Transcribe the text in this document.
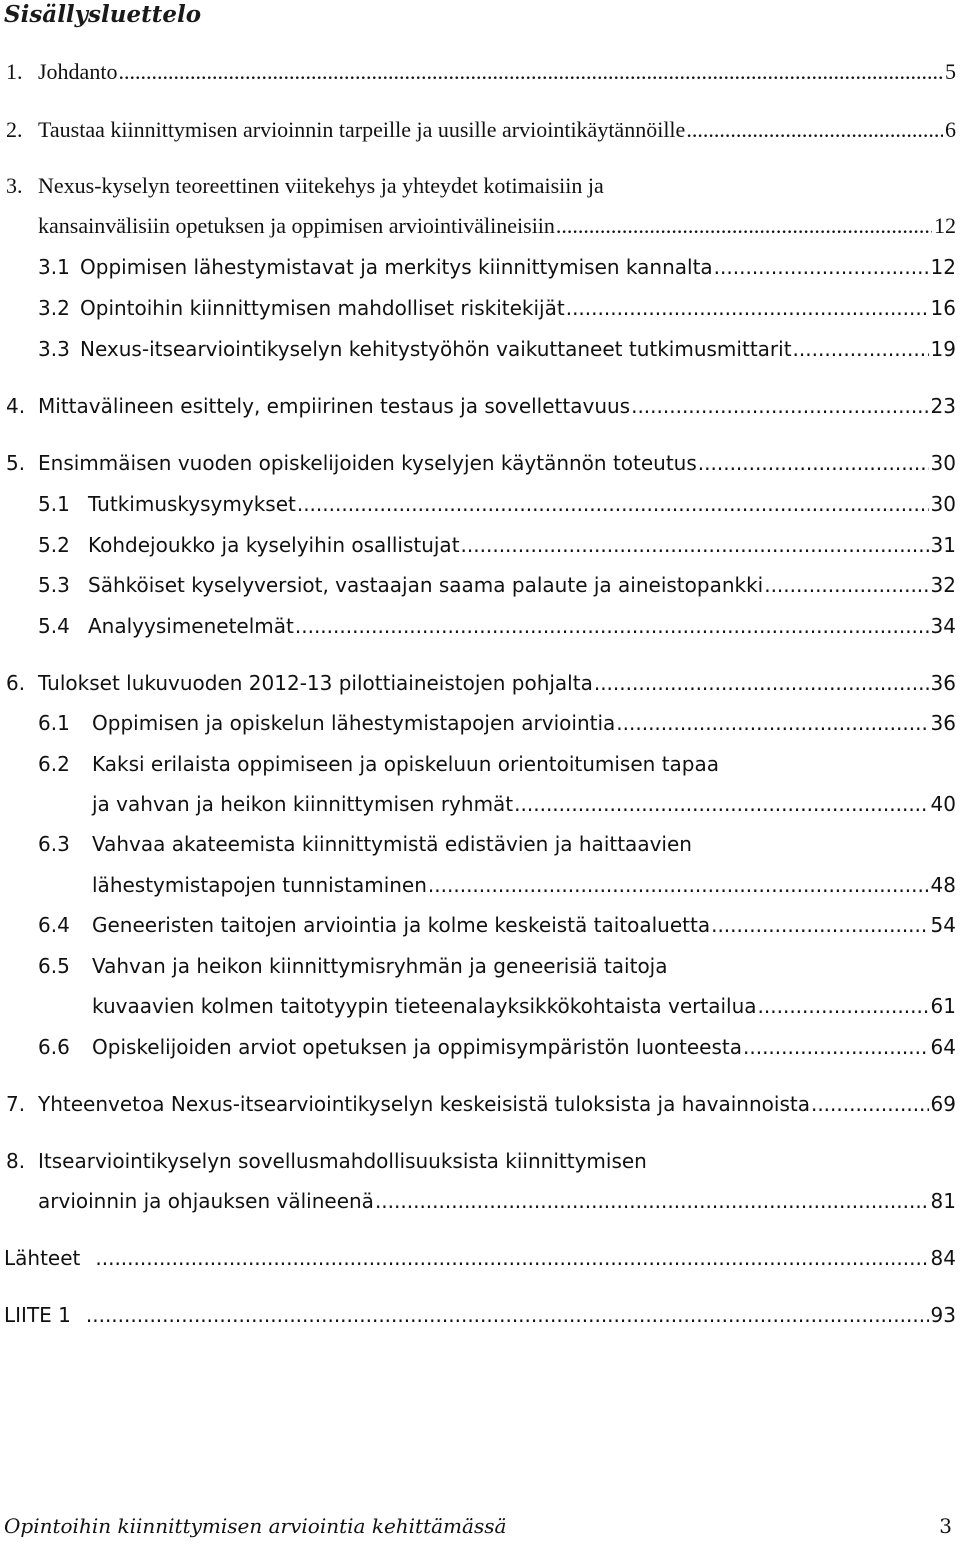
Sisällysluettelo
1. Johdanto .....	5
2. Taustaa kiinnittymisen arvioinnin tarpeille ja uusille arviointikäytännöille .....	6
3. Nexus-kyselyn teoreettinen viitekehys ja yhteydet kotimaisiin ja
kansainvälisiin opetuksen ja oppimisen arviointivälineisiin .....	12
3.1 Oppimisen lähestymistavat ja merkitys kiinnittymisen kannalta .....	12
3.2 Opintoihin kiinnittymisen mahdolliset riskitekijät .....	16
3.3 Nexus-itsearviointikyselyn kehitystyöhön vaikuttaneet tutkimusmittarit .....	19
4. Mittavälineen esittely, empiirinen testaus ja sovellettavuus .....	23
5. Ensimmäisen vuoden opiskelijoiden kyselyjen käytännön toteutus .....	30
5.1 Tutkimuskysymykset .....	30
5.2 Kohdejoukko ja kyselyihin osallistujat .....	31
5.3 Sähköiset kyselyversiot, vastaajan saama palaute ja aineistopankki .....	32
5.4 Analyysimenetelmät .....	34
6. Tulokset lukuvuoden 2012-13 pilottiaineistojen pohjalta .....	36
6.1 Oppimisen ja opiskelun lähestymistapojen arviointia .....	36
6.2 Kaksi erilaista oppimiseen ja opiskeluun orientoitumisen tapaa
ja vahvan ja heikon kiinnittymisen ryhmät .....	40
6.3 Vahvaa akateemista kiinnittymistä edistävien ja haittaavien
lähestymistapojen tunnistaminen .....	48
6.4 Geneeristen taitojen arviointia ja kolme keskeistä taitoaluetta .....	54
6.5 Vahvan ja heikon kiinnittymisryhmän ja geneerisiä taitoja
kuvaavien kolmen taitotyypin tieteenalayksikkökohtaista vertailua .....	61
6.6 Opiskelijoiden arviot opetuksen ja oppimisympäristön luonteesta .....	64
7. Yhteenvetoa Nexus-itsearviointikyselyn keskeisistä tuloksista ja havainnoista .....	69
8. Itsearviointikyselyn sovellusmahdollisuuksista kiinnittymisen
arvioinnin ja ohjauksen välineenä .....	81
Lähteet .....	84
LIITE 1 .....	93
Opintoihin kiinnittymisen arviointia kehittämässä	3
